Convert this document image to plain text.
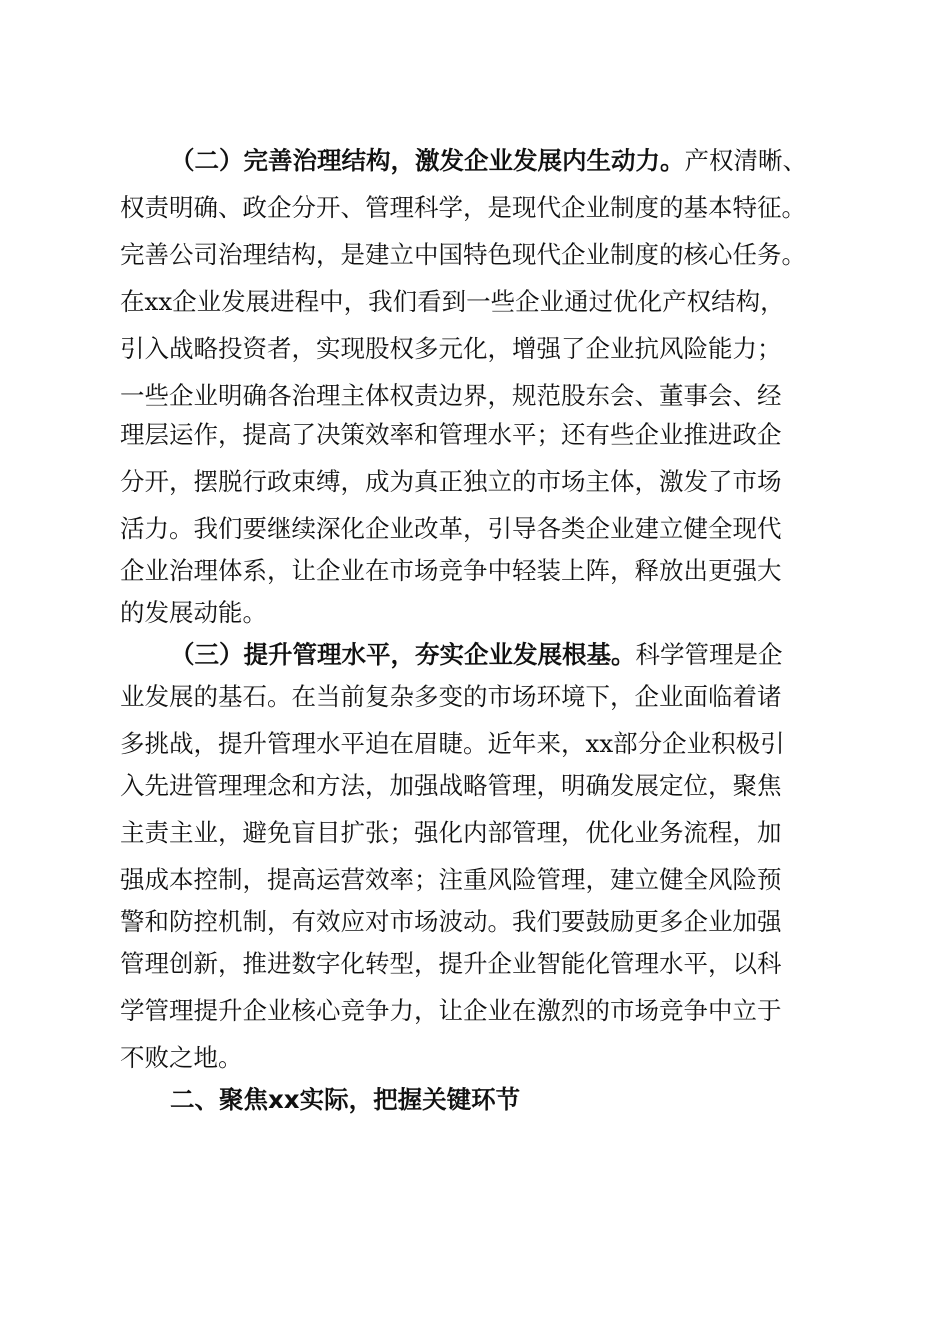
（二）完善治理结构，激发企业发展内生动力。产权清晰、
权责明确、政企分开、管理科学，是现代企业制度的基本特征。
完善公司治理结构，是建立中国特色现代企业制度的核心任务。
在xx企业发展进程中，我们看到一些企业通过优化产权结构，
引入战略投资者，实现股权多元化，增强了企业抗风险能力；
一些企业明确各治理主体权责边界，规范股东会、董事会、经
理层运作，提高了决策效率和管理水平；还有些企业推进政企
分开，摆脱行政束缚，成为真正独立的市场主体，激发了市场
活力。我们要继续深化企业改革，引导各类企业建立健全现代
企业治理体系，让企业在市场竞争中轻装上阵，释放出更强大
的发展动能。
（三）提升管理水平，夯实企业发展根基。科学管理是企
业发展的基石。在当前复杂多变的市场环境下，企业面临着诸
多挑战，提升管理水平迫在眉睫。近年来，xx部分企业积极引
入先进管理理念和方法，加强战略管理，明确发展定位，聚焦
主责主业，避免盲目扩张；强化内部管理，优化业务流程，加
强成本控制，提高运营效率；注重风险管理，建立健全风险预
警和防控机制，有效应对市场波动。我们要鼓励更多企业加强
管理创新，推进数字化转型，提升企业智能化管理水平，以科
学管理提升企业核心竞争力，让企业在激烈的市场竞争中立于
不败之地。
二、聚焦xx实际，把握关键环节
